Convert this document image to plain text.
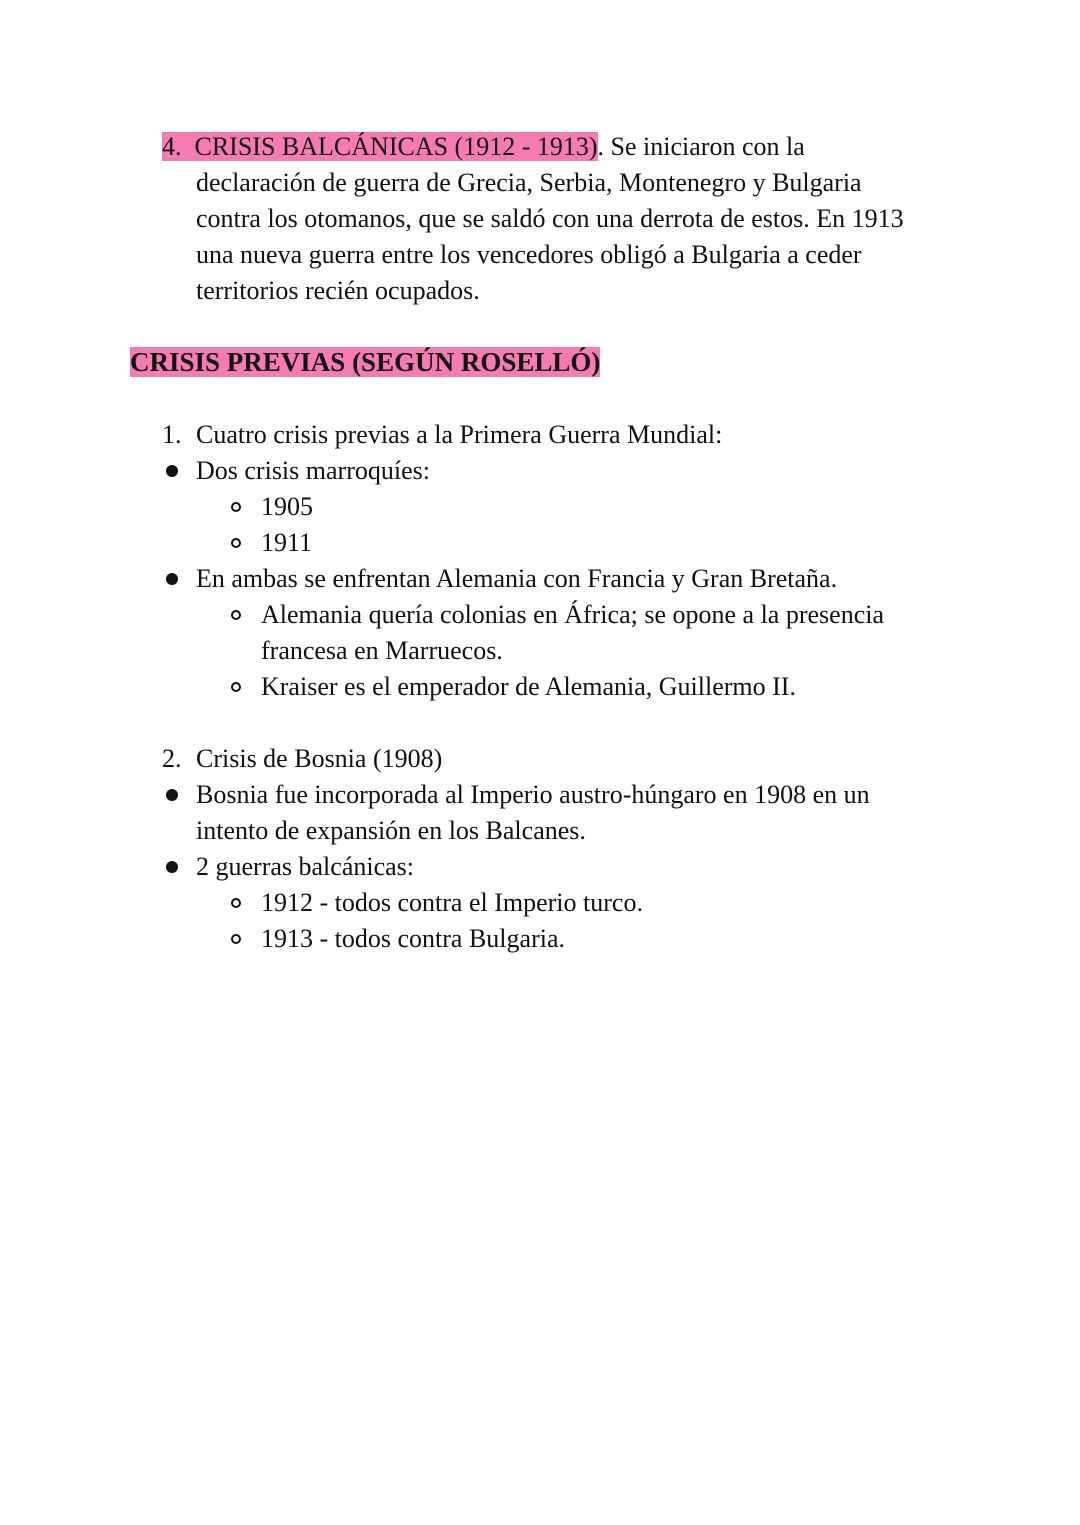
4. CRISIS BALCÁNICAS (1912 - 1913). Se iniciaron con la
declaración de guerra de Grecia, Serbia, Montenegro y Bulgaria
contra los otomanos, que se saldó con una derrota de estos. En 1913
una nueva guerra entre los vencedores obligó a Bulgaria a ceder
territorios recién ocupados.
CRISIS PREVIAS (SEGÚN ROSELLÓ)
1. Cuatro crisis previas a la Primera Guerra Mundial:
Dos crisis marroquíes:
1905
1911
En ambas se enfrentan Alemania con Francia y Gran Bretaña.
Alemania quería colonias en África; se opone a la presencia
francesa en Marruecos.
Kraiser es el emperador de Alemania, Guillermo II.
2. Crisis de Bosnia (1908)
Bosnia fue incorporada al Imperio austro-húngaro en 1908 en un
intento de expansión en los Balcanes.
2 guerras balcánicas:
1912 - todos contra el Imperio turco.
1913 - todos contra Bulgaria.
